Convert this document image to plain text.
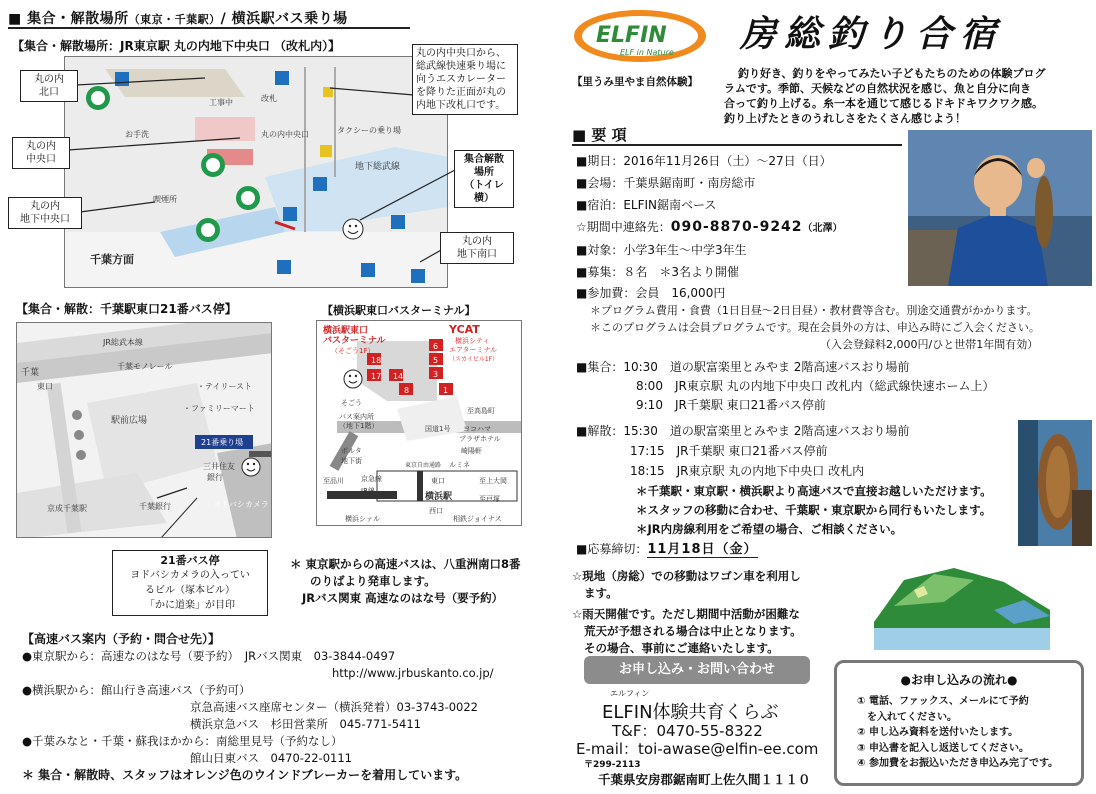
■ 集合・解散場所（東京・千葉駅）/ 横浜駅バス乗り場
【集合・解散場所：JR東京駅 丸の内地下中央口 （改札内）】
千葉方面
丸の内中央口	タクシーの乗り場
地下総武線
工事中
お手洗
喫煙所
改札
丸の内
北口
丸の内
中央口
丸の内
地下中央口
集合解散
場所
（トイレ横）
丸の内
地下南口
丸の内中央口から、
総武線快速乗り場に
向うエスカレーター
を降りた正面が丸の
内地下改札口です。
【集合・解散：千葉駅東口21番バス停】
JR総武本線
千葉モノレール
千葉
東口
駅前広場
・テイリースト
・ファミリーマート
三井住友
銀行
ヨドバシカメラ
京成千葉駅	千葉銀行
21番乗り場
21番バス停
ヨドバシカメラの入ってい
るビル（塚本ビル）
「かに道楽」が目印
【横浜駅東口バスターミナル】
18
17 14
8
6
5
3
1
横浜駅東口
バスターミナル
（そごう1F）
YCAT
横浜シティ
エアターミナル
（スカイビル1F）
そごう
バス案内所
（地下1階）	国道1号
至高島町
ヨコハマ
プラザホテル
崎陽軒
ポルタ
地下街
至品川 京急線
JR線
東口
横浜駅
西口
横浜シァル	相鉄ジョイナス
ルミネ
至上大岡
至戸塚
東京自由通路
＊ 東京駅からの高速バスは、八重洲南口8番
のりばより発車します。
JRバス関東 高速なのはな号（要予約）
【高速バス案内（予約・問合せ先）】
●東京駅から：高速なのはな号（要予約）　JRバス関東　03-3844-0497
http://www.jrbuskanto.co.jp/
●横浜駅から：館山行き高速バス（予約可）
京急高速バス座席センター（横浜発着）03-3743-0022
横浜京急バス　杉田営業所　045-771-5411
●千葉みなと・千葉・蘇我ほかから：南総里見号（予約なし）
館山日東バス　0470-22-0111
＊ 集合・解散時、スタッフはオレンジ色のウインドブレーカーを着用しています。
ELFIN
ELF in Nature 房総釣り合宿
【里うみ里やま自然体験】
釣り好き、釣りをやってみたい子どもたちのための体験プログ
ラムです。季節、天候などの自然状況を感じ、魚と自分に向き
合って釣り上げる。糸一本を通じて感じるドキドキワクワク感。
釣り上げたときのうれしさをたくさん感じよう！
■ 要 項
■期日：2016年11月26日（土）～27日（日）
■会場：千葉県鋸南町・南房総市
■宿泊：ELFIN鋸南ベース
☆期間中連絡先：090-8870-9242（北澤）
■対象：小学3年生～中学3年生
■募集：８名　＊3名より開催
■参加費：会員　16,000円
＊プログラム費用・食費（1日目昼～2日目昼）・教材費等含む。別途交通費がかかります。
＊このプログラムは会員プログラムです。現在会員外の方は、申込み時にご入会ください。
（入会登録料2,000円/ひと世帯1年間有効）
■集合：10:30　道の駅富楽里とみやま 2階高速バスおり場前
8:00　JR東京駅 丸の内地下中央口 改札内（総武線快速ホーム上）
9:10　JR千葉駅 東口21番バス停前
■解散：15:30　道の駅富楽里とみやま 2階高速バスおり場前
17:15　JR千葉駅 東口21番バス停前
18:15　JR東京駅 丸の内地下中央口 改札内
＊千葉駅・東京駅・横浜駅より高速バスで直接お越しいただけます。
＊スタッフの移動に合わせ、千葉駅・東京駅から同行もいたします。
＊JR内房線利用をご希望の場合、ご相談ください。
■応募締切：11月18日（金）
☆現地（房総）での移動はワゴン車を利用し
ます。
☆雨天開催です。ただし期間中活動が困難な
荒天が予想される場合は中止となります。
その場合、事前にご連絡いたします。
お申し込み・お問い合わせ
エルフィン
ELFIN体験共育くらぶ
T&F：0470-55-8322
E-mail：toi-awase@elfin-ee.com
〒299-2113
千葉県安房郡鋸南町上佐久間１１１０
●お申し込みの流れ●
① 電話、ファックス、メールにて予約
　を入れてください。
② 申し込み資料を送付いたします。
③ 申込書を記入し返送してください。
④ 参加費をお振込いただき申込み完了です。
